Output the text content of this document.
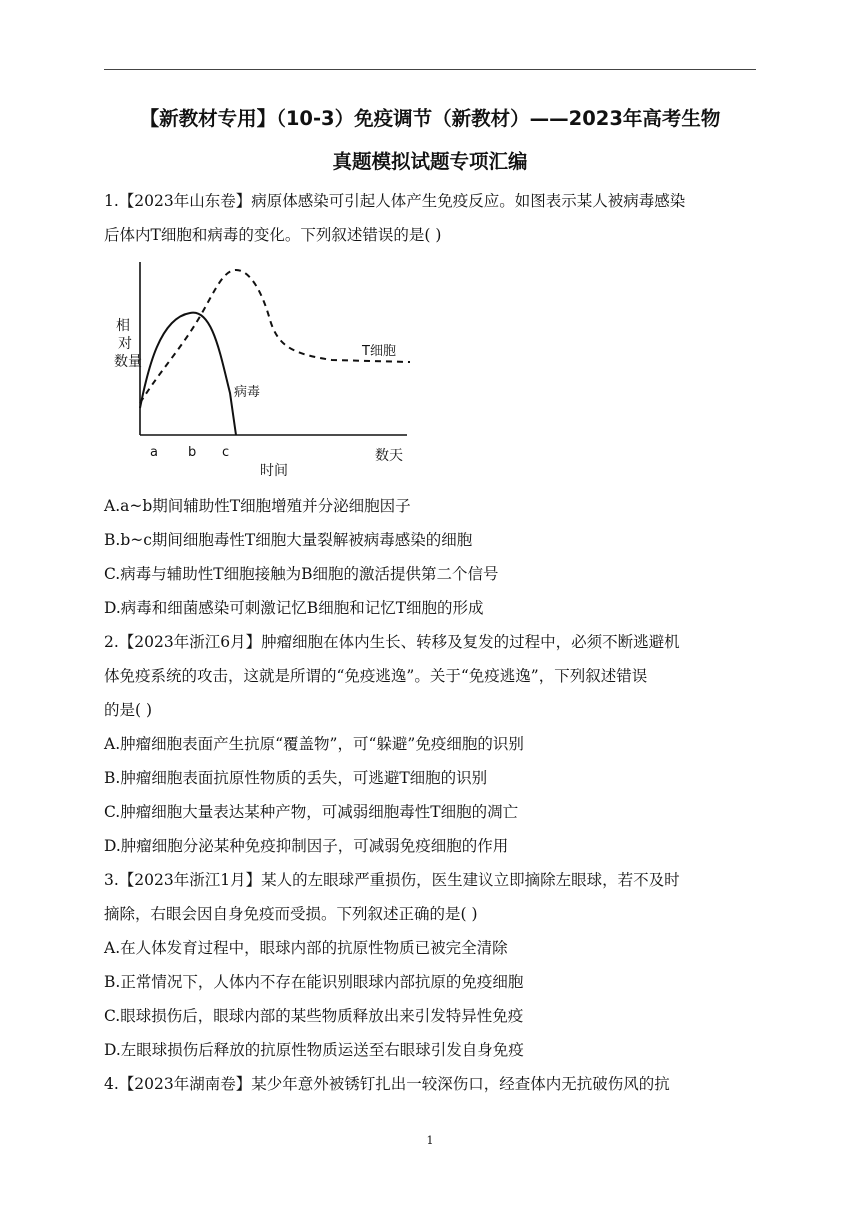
【新教材专用】（10-3）免疫调节（新教材）——2023年高考生物
真题模拟试题专项汇编
1.【2023年山东卷】病原体感染可引起人体产生免疫反应。如图表示某人被病毒感染
后体内T细胞和病毒的变化。下列叙述错误的是( )
相
对
数量
T细胞
病毒
a b c
时间
数天
A.a~b期间辅助性T细胞增殖并分泌细胞因子
B.b~c期间细胞毒性T细胞大量裂解被病毒感染的细胞
C.病毒与辅助性T细胞接触为B细胞的激活提供第二个信号
D.病毒和细菌感染可刺激记忆B细胞和记忆T细胞的形成
2.【2023年浙江6月】肿瘤细胞在体内生长、转移及复发的过程中，必须不断逃避机
体免疫系统的攻击，这就是所谓的“免疫逃逸”。关于“免疫逃逸”，下列叙述错误
的是( )
A.肿瘤细胞表面产生抗原“覆盖物”，可“躲避”免疫细胞的识别
B.肿瘤细胞表面抗原性物质的丢失，可逃避T细胞的识别
C.肿瘤细胞大量表达某种产物，可减弱细胞毒性T细胞的凋亡
D.肿瘤细胞分泌某种免疫抑制因子，可减弱免疫细胞的作用
3.【2023年浙江1月】某人的左眼球严重损伤，医生建议立即摘除左眼球，若不及时
摘除，右眼会因自身免疫而受损。下列叙述正确的是( )
A.在人体发育过程中，眼球内部的抗原性物质已被完全清除
B.正常情况下，人体内不存在能识别眼球内部抗原的免疫细胞
C.眼球损伤后，眼球内部的某些物质释放出来引发特异性免疫
D.左眼球损伤后释放的抗原性物质运送至右眼球引发自身免疫
4.【2023年湖南卷】某少年意外被锈钉扎出一较深伤口，经查体内无抗破伤风的抗
1
